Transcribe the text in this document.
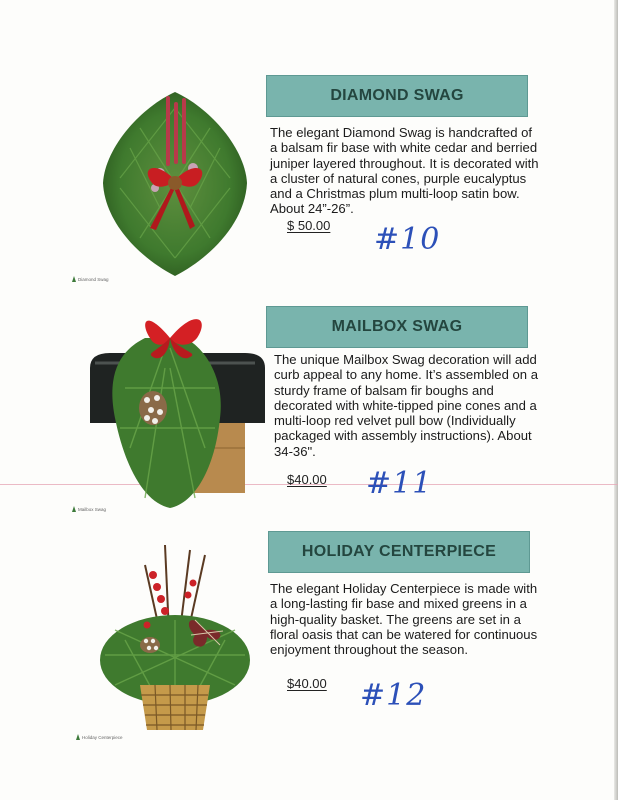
Diamond Swag
DIAMOND SWAG
The elegant Diamond Swag is handcrafted of a balsam fir base with white cedar and berried juniper layered throughout. It is decorated with a cluster of natural cones, purple eucalyptus and a Christmas plum multi-loop satin bow. About 24”-26”.
$ 50.00 #10
Mailbox Swag
MAILBOX SWAG
The unique Mailbox Swag decoration will add curb appeal to any home. It’s assembled on a sturdy frame of balsam fir boughs and decorated with white-tipped pine cones and a multi-loop red velvet pull bow (Individually packaged with assembly instructions). About 34-36".
$40.00 #11
Holiday Centerpiece
HOLIDAY CENTERPIECE
The elegant Holiday Centerpiece is made with a long-lasting fir base and mixed greens in a high-quality basket. The greens are set in a floral oasis that can be watered for continuous enjoyment throughout the season.
$40.00 #12
